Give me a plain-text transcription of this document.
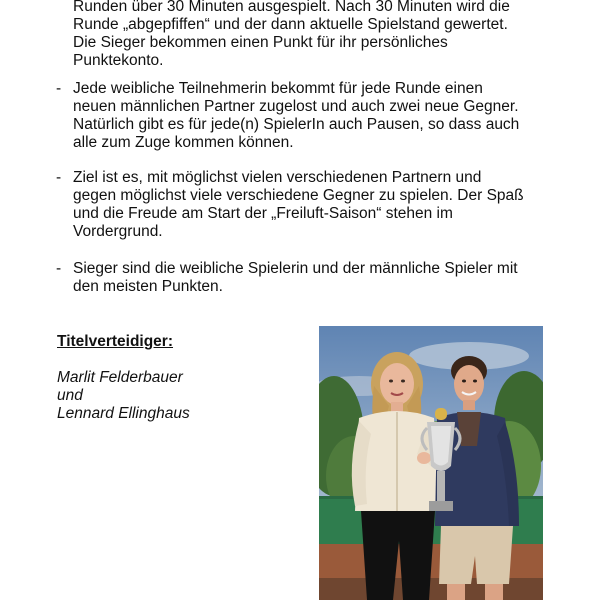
Runden über 30 Minuten ausgespielt. Nach 30 Minuten wird die
Runde „abgepfiffen“ und der dann aktuelle Spielstand gewertet.
Die Sieger bekommen einen Punkt für ihr persönliches
Punktekonto.
- Jede weibliche Teilnehmerin bekommt für jede Runde einen
neuen männlichen Partner zugelost und auch zwei neue Gegner.
Natürlich gibt es für jede(n) SpielerIn auch Pausen, so dass auch
alle zum Zuge kommen können.
- Ziel ist es, mit möglichst vielen verschiedenen Partnern und
gegen möglichst viele verschiedene Gegner zu spielen. Der Spaß
und die Freude am Start der „Freiluft-Saison“ stehen im
Vordergrund.
- Sieger sind die weibliche Spielerin und der männliche Spieler mit
den meisten Punkten.
Titelverteidiger:
Marlit Felderbauer
und
Lennard Ellinghaus
